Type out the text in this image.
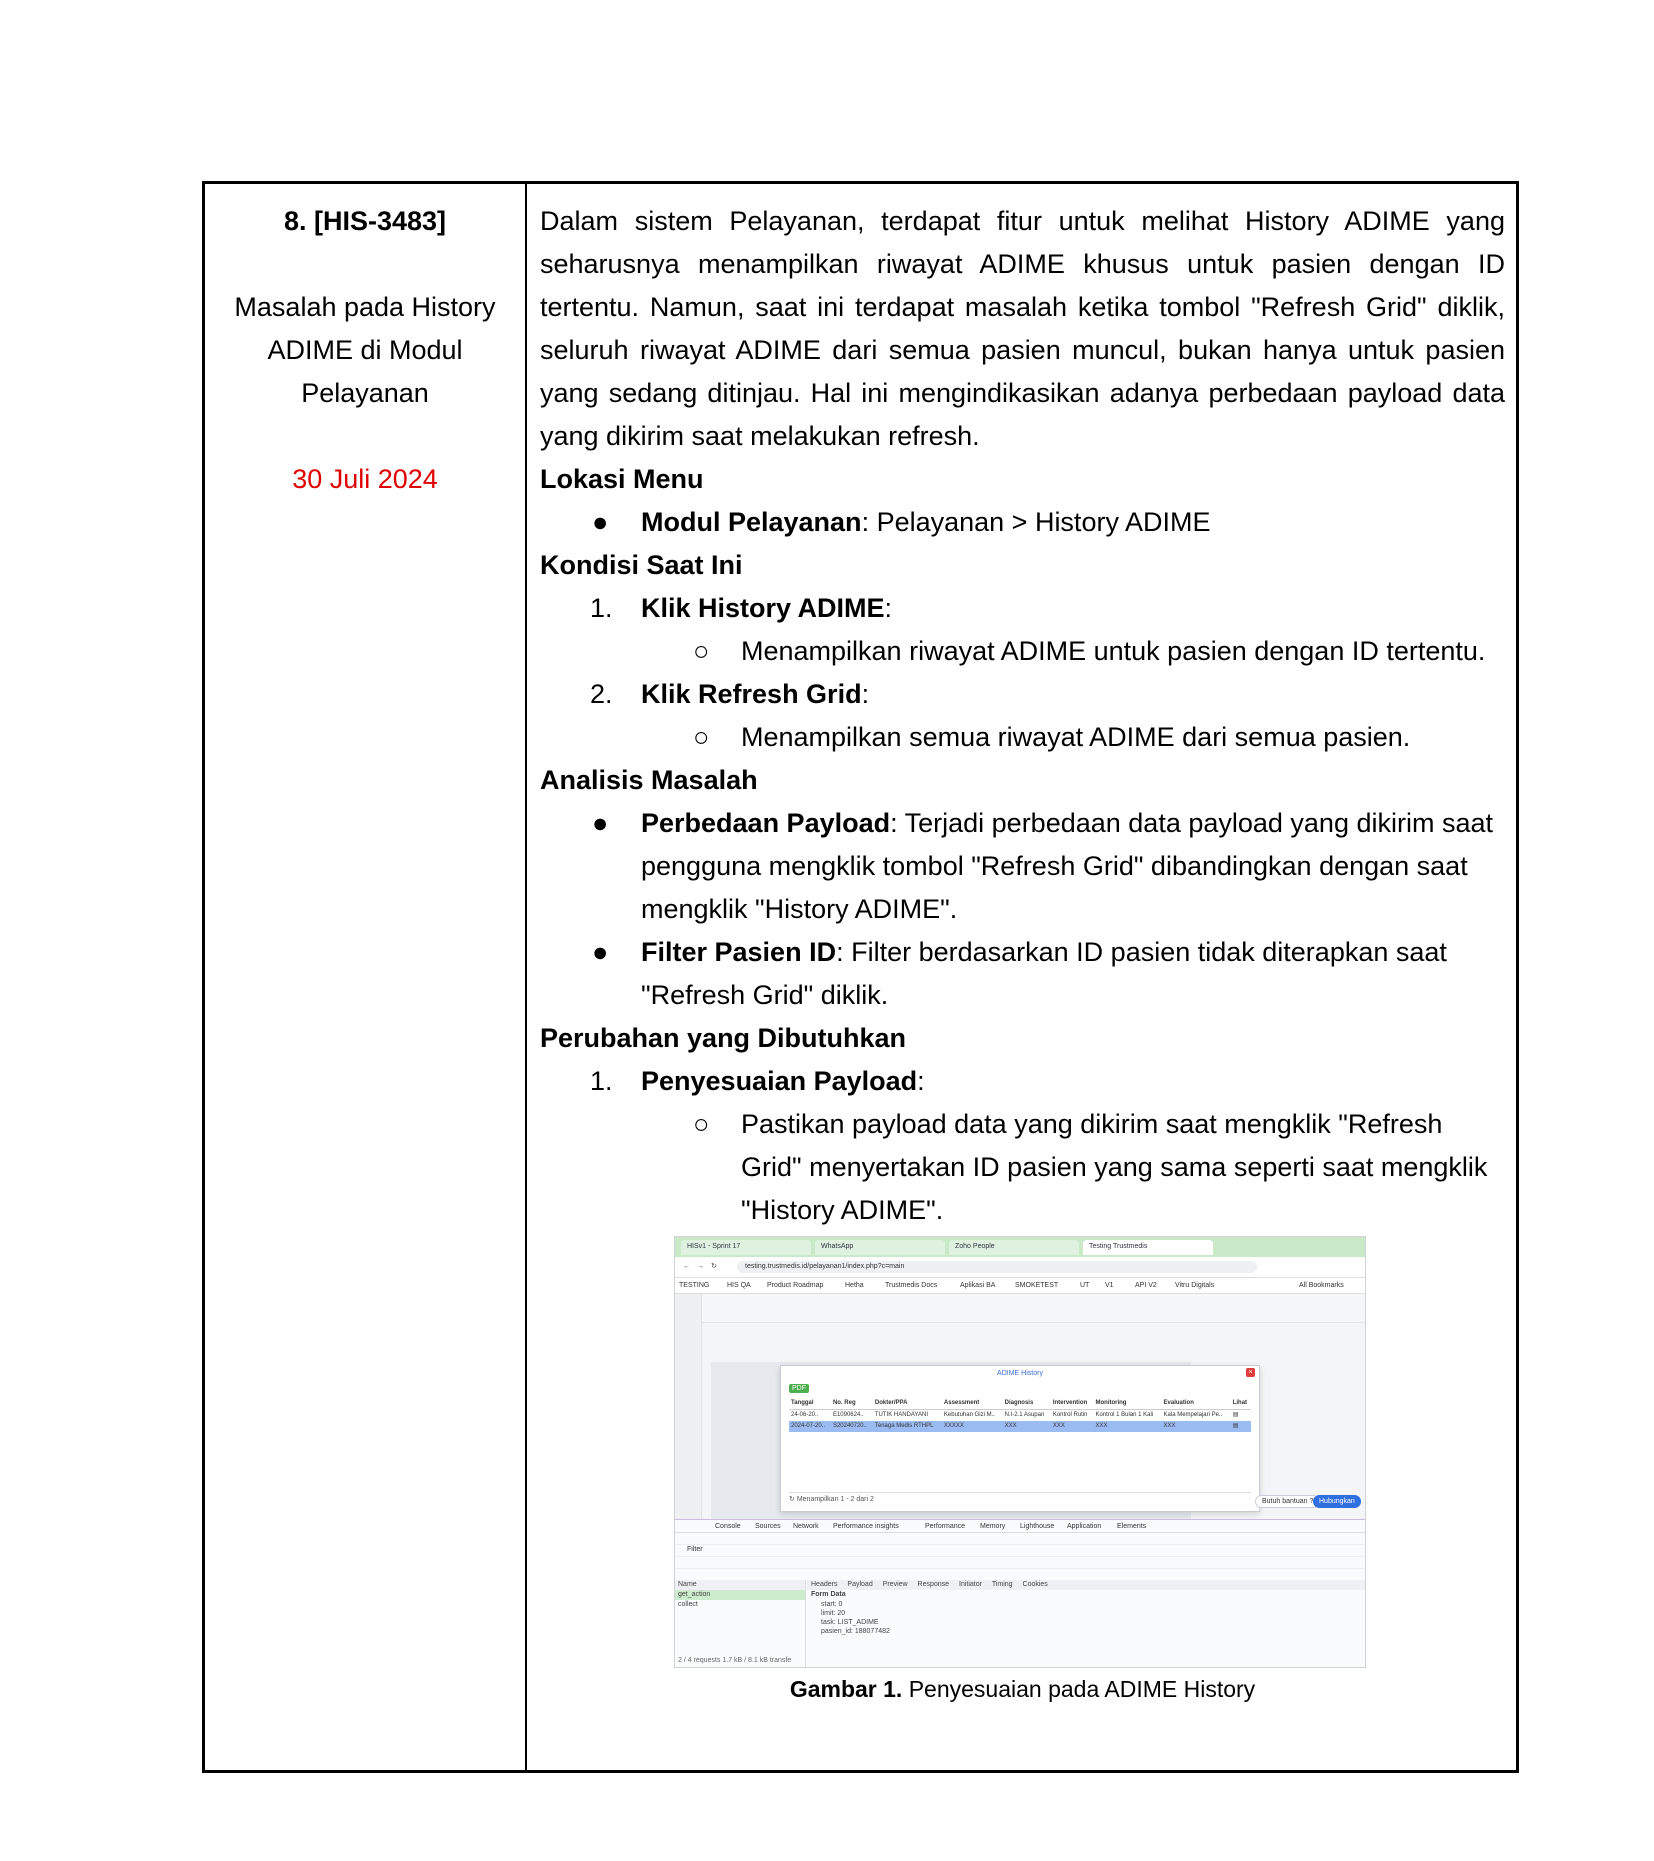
8. [HIS-3483]
Masalah pada History
ADIME di Modul
Pelayanan
30 Juli 2024
Dalam sistem Pelayanan, terdapat fitur untuk melihat History ADIME yang seharusnya menampilkan riwayat ADIME khusus untuk pasien dengan ID tertentu. Namun, saat ini terdapat masalah ketika tombol "Refresh Grid" diklik, seluruh riwayat ADIME dari semua pasien muncul, bukan hanya untuk pasien yang sedang ditinjau. Hal ini mengindikasikan adanya perbedaan payload data yang dikirim saat melakukan refresh.
Lokasi Menu
● Modul Pelayanan: Pelayanan > History ADIME
Kondisi Saat Ini
1. Klik History ADIME:
○ Menampilkan riwayat ADIME untuk pasien dengan ID tertentu.
2. Klik Refresh Grid:
○ Menampilkan semua riwayat ADIME dari semua pasien.
Analisis Masalah
● Perbedaan Payload: Terjadi perbedaan data payload yang dikirim saat pengguna mengklik tombol "Refresh Grid" dibandingkan dengan saat mengklik "History ADIME".
● Filter Pasien ID: Filter berdasarkan ID pasien tidak diterapkan saat "Refresh Grid" diklik.
Perubahan yang Dibutuhkan
1. Penyesuaian Payload:
○ Pastikan payload data yang dikirim saat mengklik "Refresh Grid" menyertakan ID pasien yang sama seperti saat mengklik "History ADIME".
HISv1 - Sprint 17	WhatsApp	Zoho People	Testing Trustmedis
← → ↻	testing.trustmedis.id/pelayanan1/index.php?c=main
TESTING	HIS QA Product Roadmap	Hetha	Trustmedis Docs	Aplikasi BA	SMOKETEST	UT V1	API V2	Vitru Digitals	All Bookmarks
ADIME History	×
PDF
Tanggal	No. Reg	Dokter/PPA	Assessment	Diagnosis	Intervention	Monitoring	Evaluation	Lihat
24-06-20..	E1090624..	TUTIK HANDAYANI	Kebutuhan Gizi M..	N.I-2.1 Asupan	Kontrol Rutin	Kontrol 1 Bulan 1 Kali	Kala Mempelajari Pe..	▤
2024-07-20..	S20240720..	Tenaga Medis RTHPL	XXXXX	XXX	XXX	XXX	XXX	▤
↻ Menampilkan 1 - 2 dari 2	Butuh bantuan ? Hubungkan
Console Sources Network Performance insights	Performance Memory Lighthouse Application Elements
Filter
Name
get_action
collect
2 / 4 requests 1.7 kB / 8.1 kB transfe
Headers Payload Preview Response Initiator Timing Cookies
Form Data
start: 0
limit: 20
task: LIST_ADIME
pasien_id: 188077482
Gambar 1. Penyesuaian pada ADIME History
